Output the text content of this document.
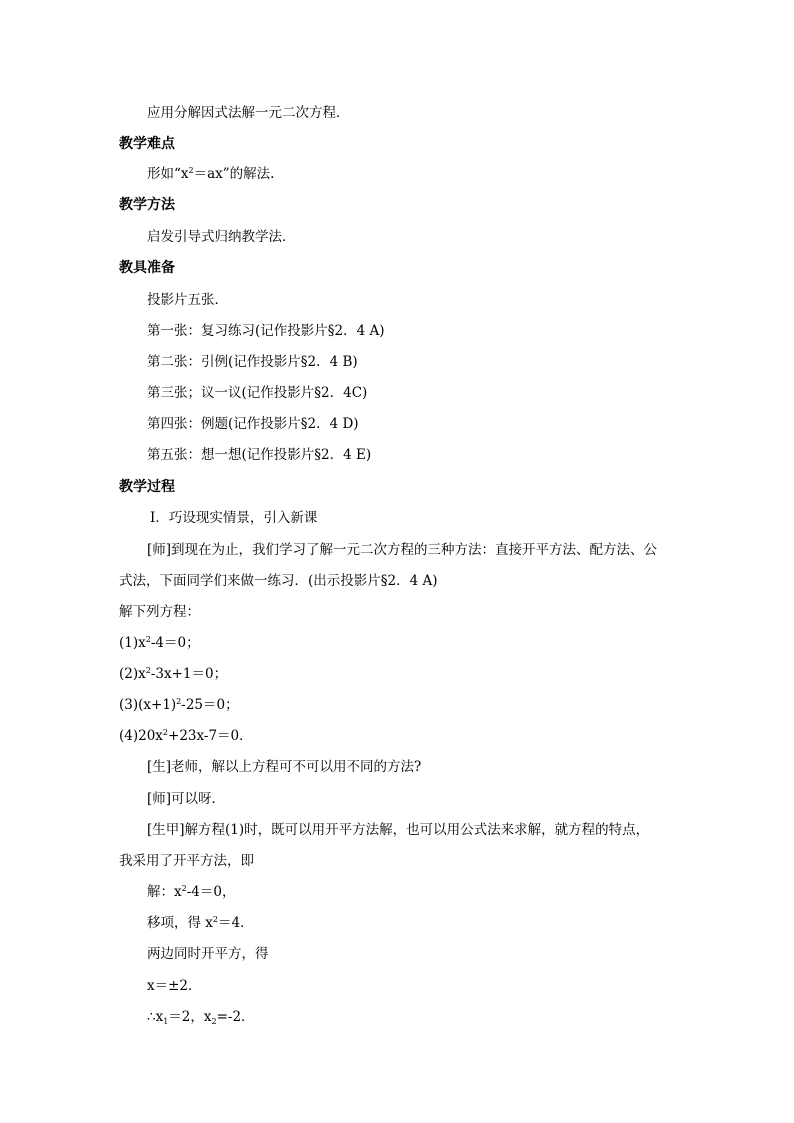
应用分解因式法解一元二次方程．
教学难点
形如“$x^2=ax$”的解法.
教学方法
启发引导式归纳教学法．
教具准备
投影片五张．
第一张：复习练习(记作投影片§2．4 A)
第二张：引例(记作投影片§2．4 B)
第三张；议一议(记作投影片§2．4C)
第四张：例题(记作投影片§2．4 D)
第五张：想一想(记作投影片§2．4 E)
教学过程
Ⅰ．巧设现实情景，引入新课
[师]到现在为止，我们学习了解一元二次方程的三种方法：直接开平方法、配方法、公
式法，下面同学们来做一练习．(出示投影片§2．4 A)
解下列方程：
$(1)x^2-4=0$；
$(2)x^2-3x+1=0$；
$(3)(x+1)^2-25=0$；
$(4)20x^2+23x-7=0$．
[生]老师，解以上方程可不可以用不同的方法?
[师]可以呀．
[生甲]解方程(1)时，既可以用开平方法解，也可以用公式法来求解，就方程的特点，
我采用了开平方法，即
解：$x^2-4=0$，
移项，得 $x^2=4$．
两边同时开平方，得
x＝±2．
$\therefore x_1=2$，$x_2=-2$．
